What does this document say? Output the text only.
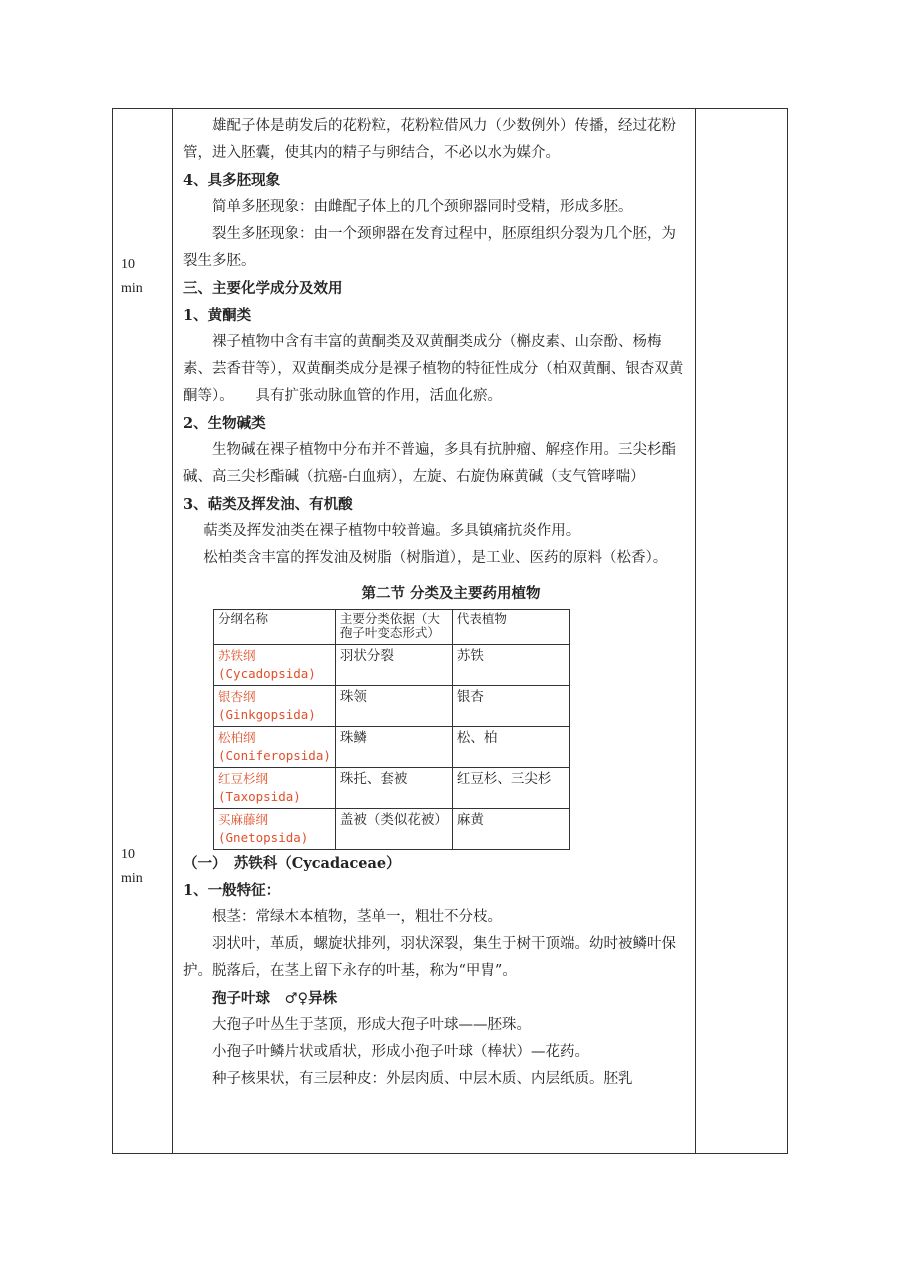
10
min
10
min

雄配子体是萌发后的花粉粒，花粉粒借风力（少数例外）传播，经过花粉管，进入胚囊，使其内的精子与卵结合，不必以水为媒介。

4、具多胚现象

简单多胚现象：由雌配子体上的几个颈卵器同时受精，形成多胚。

裂生多胚现象：由一个颈卵器在发育过程中，胚原组织分裂为几个胚，为裂生多胚。

三、主要化学成分及效用

1、黄酮类

裸子植物中含有丰富的黄酮类及双黄酮类成分（槲皮素、山奈酚、杨梅素、芸香苷等），双黄酮类成分是裸子植物的特征性成分（柏双黄酮、银杏双黄酮等）。　　具有扩张动脉血管的作用，活血化瘀。

2、生物碱类

生物碱在裸子植物中分布并不普遍，多具有抗肿瘤、解痉作用。三尖杉酯碱、高三尖杉酯碱（抗癌-白血病），左旋、右旋伪麻黄碱（支气管哮喘）

3、萜类及挥发油、有机酸

萜类及挥发油类在裸子植物中较普遍。多具镇痛抗炎作用。

松柏类含丰富的挥发油及树脂（树脂道），是工业、医药的原料（松香）。

第二节 分类及主要药用植物
分纲名称	主要分类依据（大孢子叶变态形式）	代表植物

苏铁纲
(Cycadopsida)	羽状分裂	苏铁

银杏纲
(Ginkgopsida)	珠领	银杏

松柏纲
(Coniferopsida)	珠鳞	松、柏

红豆杉纲
(Taxopsida)	珠托、套被	红豆杉、三尖杉

买麻藤纲
(Gnetopsida)	盖被（类似花被）	麻黄

（一）　苏铁科（Cycadaceae）

1、一般特征：

根茎：常绿木本植物，茎单一，粗壮不分枝。

羽状叶，革质，螺旋状排列，羽状深裂，集生于树干顶端。幼时被鳞叶保护。脱落后，在茎上留下永存的叶基，称为“甲胄”。

孢子叶球　♂♀异株

大孢子叶丛生于茎顶，形成大孢子叶球——胚珠。

小孢子叶鳞片状或盾状，形成小孢子叶球（棒状）—花药。

种子核果状，有三层种皮：外层肉质、中层木质、内层纸质。胚乳
